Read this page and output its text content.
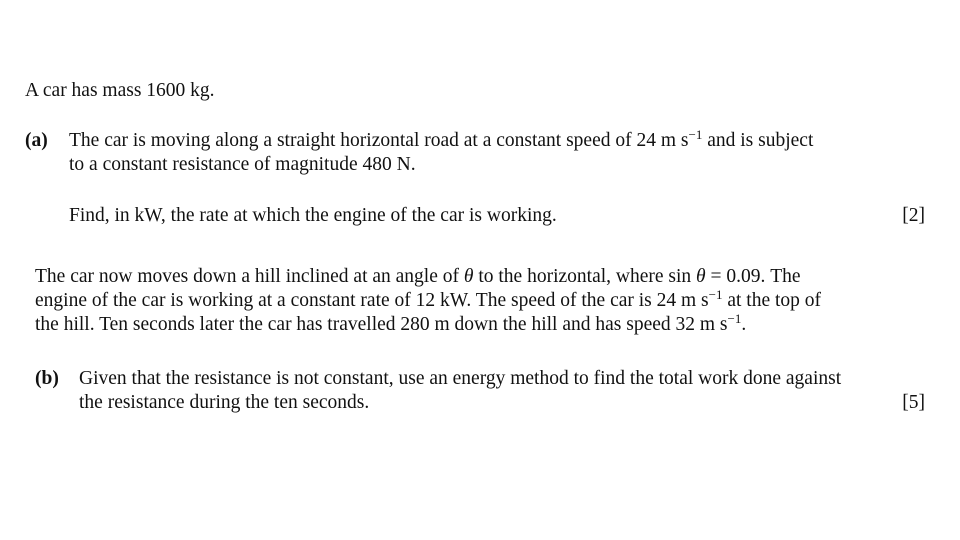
A car has mass 1600 kg.
(a) The car is moving along a straight horizontal road at a constant speed of 24 m $s^{-1}$ and is subject
to a constant resistance of magnitude 480 N.
Find, in kW, the rate at which the engine of the car is working.	[2]
The car now moves down a hill inclined at an angle of θ to the horizontal, where sin θ = 0.09. The
engine of the car is working at a constant rate of 12 kW. The speed of the car is 24 m $s^{-1}$ at the top of
the hill. Ten seconds later the car has travelled 280 m down the hill and has speed 32 m $s^{-1}$.
(b) Given that the resistance is not constant, use an energy method to find the total work done against
the resistance during the ten seconds.	[5]
